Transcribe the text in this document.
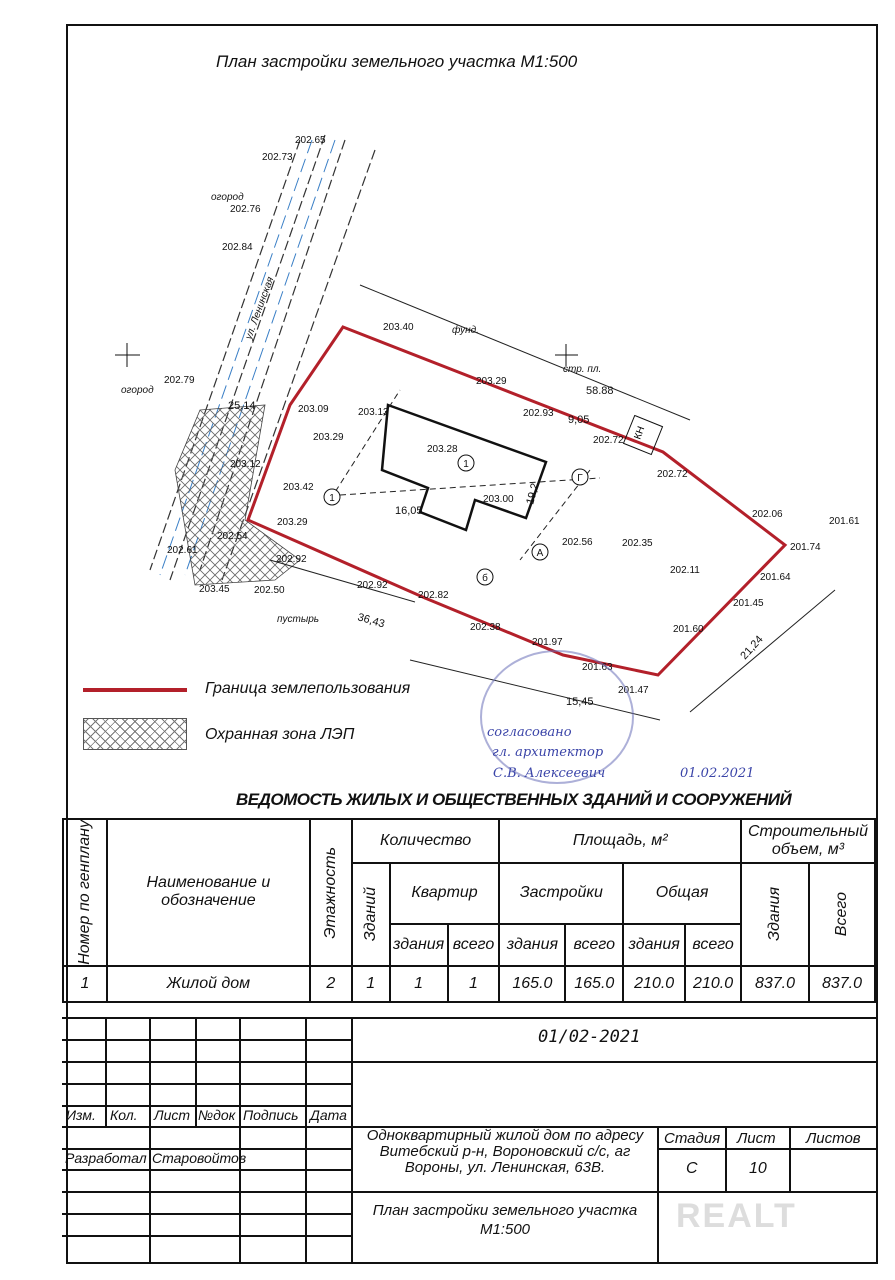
План застройки земельного участка М1:500
202.65
202.73
202.76
202.84
203.40
203.29
202.93
202.72
202.72
202.79
203.09	203.13
203.28
203.29
203.12
203.42
203.29
203.00
202.56	202.35
202.11
202.06
201.61
201.74
201.64
201.45
201.60
202.54
202.61
202.92
202.50
203.45	202.92
202.82
202.38
201.97
201.63
201.47
58.88
9,05
25,14
36,43
21,24
15,45
19,2
16,05
огород
огород
пустырь
ул. Ленинская	фунд.
стр. пл.
1
1
Г
А
б
КН
Граница землепользования
Охранная зона ЛЭП	согласовано
гл. архитектор
С.В. Алексеевич	01.02.2021
ВЕДОМОСТЬ ЖИЛЫХ И ОБЩЕСТВЕННЫХ ЗДАНИЙ И СООРУЖЕНИЙ
Номер по генплану	Наименование и обозначение	Этажность	Количество			Площадь, м²				Строительный объем, м³	

			Зданий	Квартир		Застройки		Общая		Здания	Всего

				здания	всего	здания	всего	здания	всего		
1	Жилой дом	2	1	1	1	165.0	165.0	210.0	210.0	837.0	837.0
01/02-2021
Изм. Кол. Лист №док Подпись Дата
Разработал Старовойтов
Одноквартирный жилой дом по адресу Витебский р-н, Вороновский с/с, аг Вороны, ул. Ленинская, 63В.
Стадия Лист Листов
С	10
План застройки земельного участка М1:500	REALT
